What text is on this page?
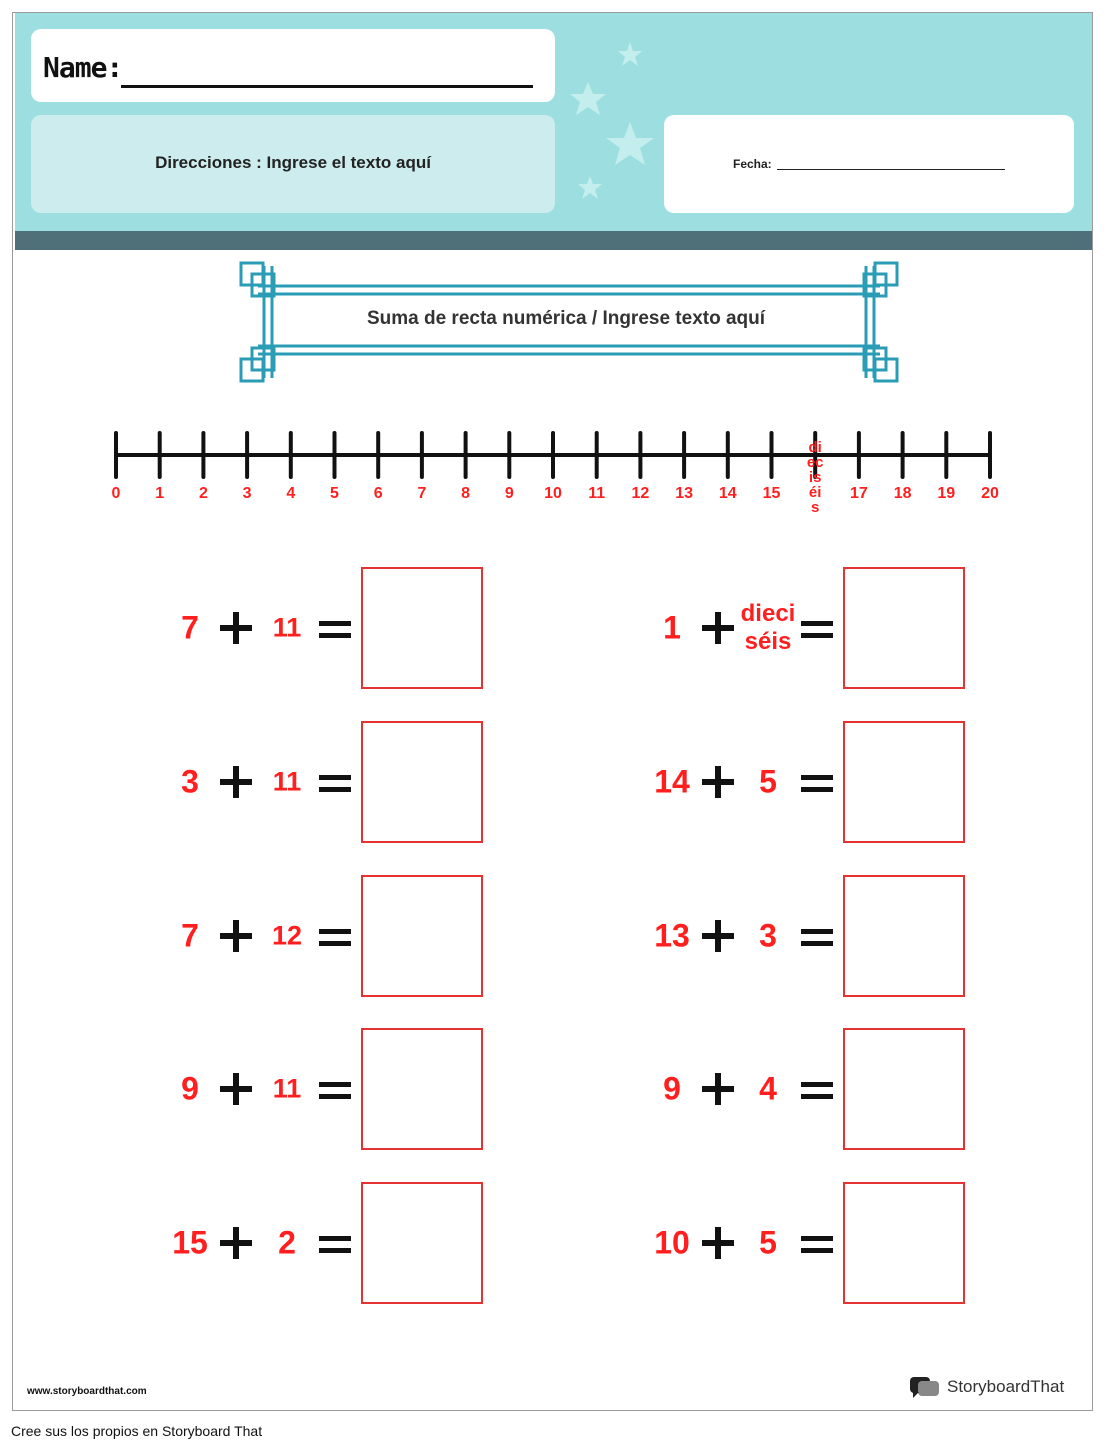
Name:
Direcciones : Ingrese el texto aquí	Fecha:
Suma de recta numérica / Ingrese texto aquí
0 1 2 3 4 5 6 7 8 9 10 11 12 13 14 15
di
ec
is
éi
s
17 18 19 20
7	11	1 dieci
séis
3	11	14 5
7	12	13 3
9	11	9 4
15 2	10 5
www.storyboardthat.com	StoryboardThat
Cree sus los propios en Storyboard That
